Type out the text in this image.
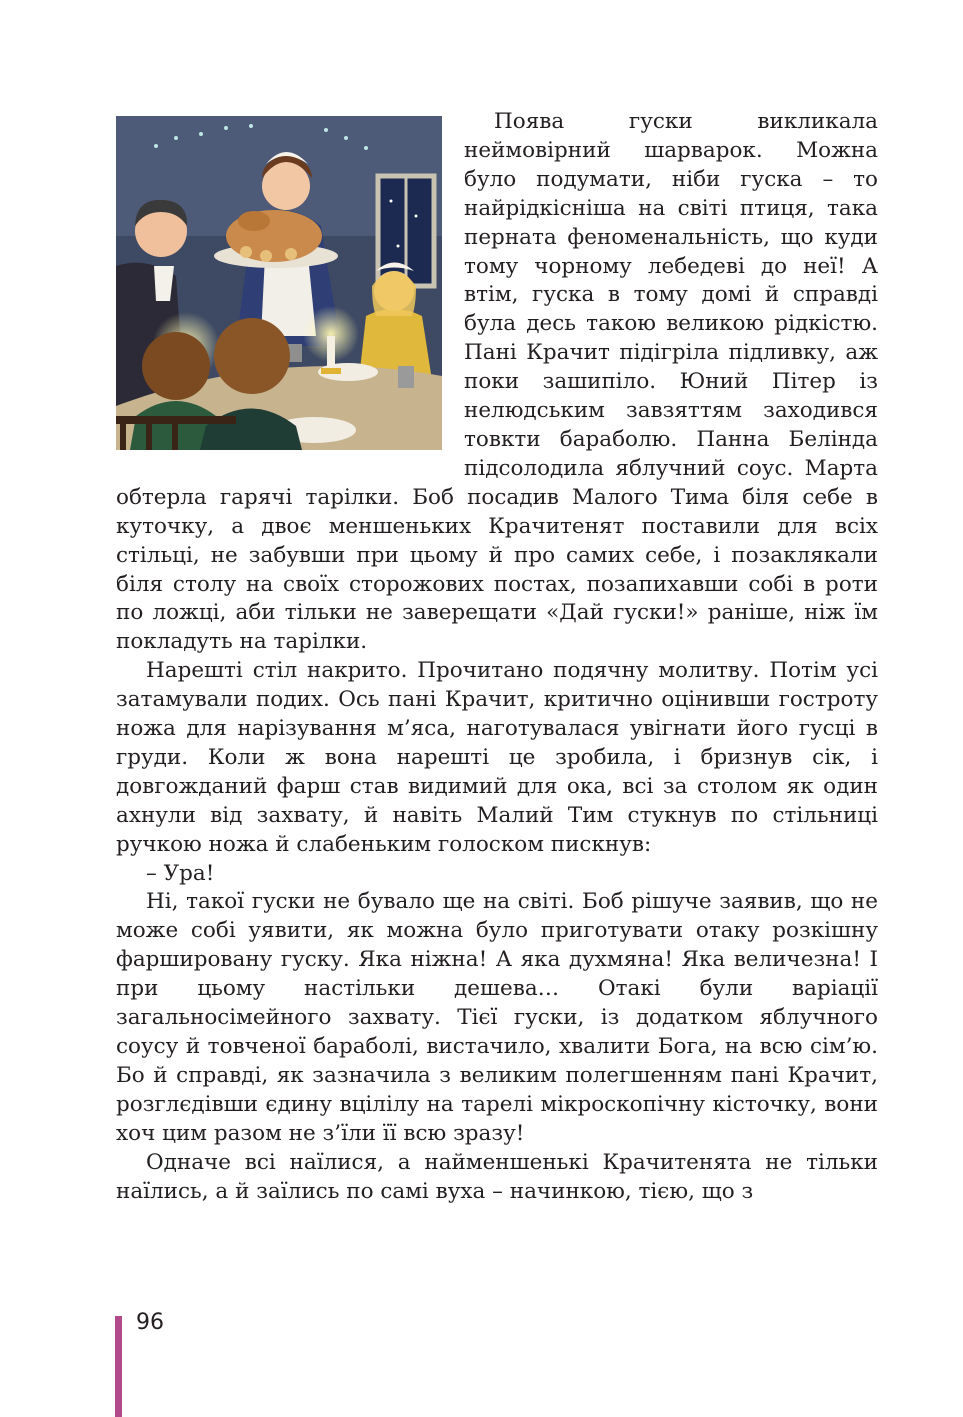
Поява гуски викликала неймовірний шарварок. Можна було подумати, ніби гуска – то найрідкісніша на світі птиця, така перната феноменальність, що куди тому чорному лебедеві до неї! А втім, гуска в тому домі й справді була десь такою великою рідкістю. Пані Крачит підігріла підливку, аж поки зашипіло. Юний Пітер із нелюдським завзяттям заходився товкти бараболю. Панна Белінда підсолодила яблучний соус. Марта обтерла гарячі тарілки. Боб посадив Малого Тима біля себе в куточку, а двоє меншеньких Крачитенят поставили для всіх стільці, не забувши при цьому й про самих себе, і позаклякали біля столу на своїх сторожових постах, позапихавши собі в роти по ложці, аби тільки не заверещати «Дай гуски!» раніше, ніж їм покладуть на тарілки.

Нарешті стіл накрито. Прочитано подячну молитву. Потім усі затамували подих. Ось пані Крачит, критично оцінивши гостроту ножа для нарізування м’яса, наготувалася увігнати його гусці в груди. Коли ж вона нарешті це зробила, і бризнув сік, і довгожданий фарш став видимий для ока, всі за столом як один ахнули від захвату, й навіть Малий Тим стукнув по стільниці ручкою ножа й слабеньким голоском пискнув:

– Ура!

Ні, такої гуски не бувало ще на світі. Боб рішуче заявив, що не може собі уявити, як можна було приготувати отаку розкішну фаршировану гуску. Яка ніжна! А яка духмяна! Яка величезна! І при цьому настільки дешева… Отакі були варіації загальносімейного захвату. Тієї гуски, із додатком яблучного соусу й товченої бараболі, вистачило, хвалити Бога, на всю сім’ю. Бо й справді, як зазначила з великим полегшенням пані Крачит, розглєдівши єдину вцілілу на тарелі мікроскопічну кісточку, вони хоч цим разом не з’їли її всю зразу!

Одначе всі наїлися, а найменшенькі Крачитенята не тільки наїлись, а й заїлись по самі вуха – начинкою, тією, що з

96
